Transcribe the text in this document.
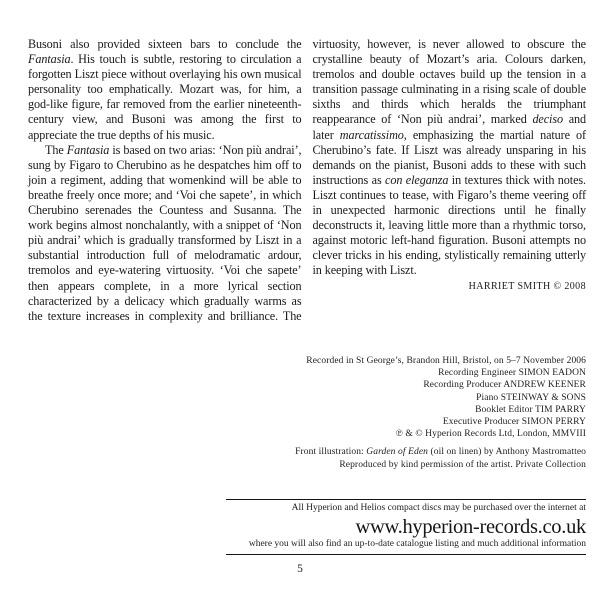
Busoni also provided sixteen bars to conclude the Fantasia. His touch is subtle, restoring to circulation a forgotten Liszt piece without overlaying his own musical personality too emphatically. Mozart was, for him, a god-like figure, far removed from the earlier nineteenth-century view, and Busoni was among the first to appreciate the true depths of his music.

The Fantasia is based on two arias: ‘Non più andrai’, sung by Figaro to Cherubino as he despatches him off to join a regiment, adding that womenkind will be able to breathe freely once more; and ‘Voi che sapete’, in which Cherubino serenades the Countess and Susanna. The work begins almost nonchalantly, with a snippet of ‘Non più andrai’ which is gradually transformed by Liszt in a substantial introduction full of melodramatic ardour, tremolos and eye-watering virtuosity. ‘Voi che sapete’ then appears complete, in a more lyrical section characterized by a delicacy which gradually warms as the texture increases in complexity and brilliance. The virtuosity, however, is never allowed to obscure the crystalline beauty of Mozart’s aria. Colours darken, tremolos and double octaves build up the tension in a transition passage culminating in a rising scale of double sixths and thirds which heralds the triumphant reappearance of ‘Non più andrai’, marked deciso and later marcatissimo, emphasizing the martial nature of Cherubino’s fate. If Liszt was already unsparing in his demands on the pianist, Busoni adds to these with such instructions as con eleganza in textures thick with notes. Liszt continues to tease, with Figaro’s theme veering off in unexpected harmonic directions until he finally deconstructs it, leaving little more than a rhythmic torso, against motoric left-hand figuration. Busoni attempts no clever tricks in his ending, stylistically remaining utterly in keeping with Liszt.

HARRIET SMITH © 2008

Recorded in St George’s, Brandon Hill, Bristol, on 5–7 November 2006
Recording Engineer SIMON EADON
Recording Producer ANDREW KEENER
Piano STEINWAY & SONS
Booklet Editor TIM PARRY
Executive Producer SIMON PERRY
℗ & © Hyperion Records Ltd, London, MMVIII
Front illustration: Garden of Eden (oil on linen) by Anthony Mastromatteo
Reproduced by kind permission of the artist. Private Collection
All Hyperion and Helios compact discs may be purchased over the internet at
www.hyperion-records.co.uk
where you will also find an up-to-date catalogue listing and much additional information
5
